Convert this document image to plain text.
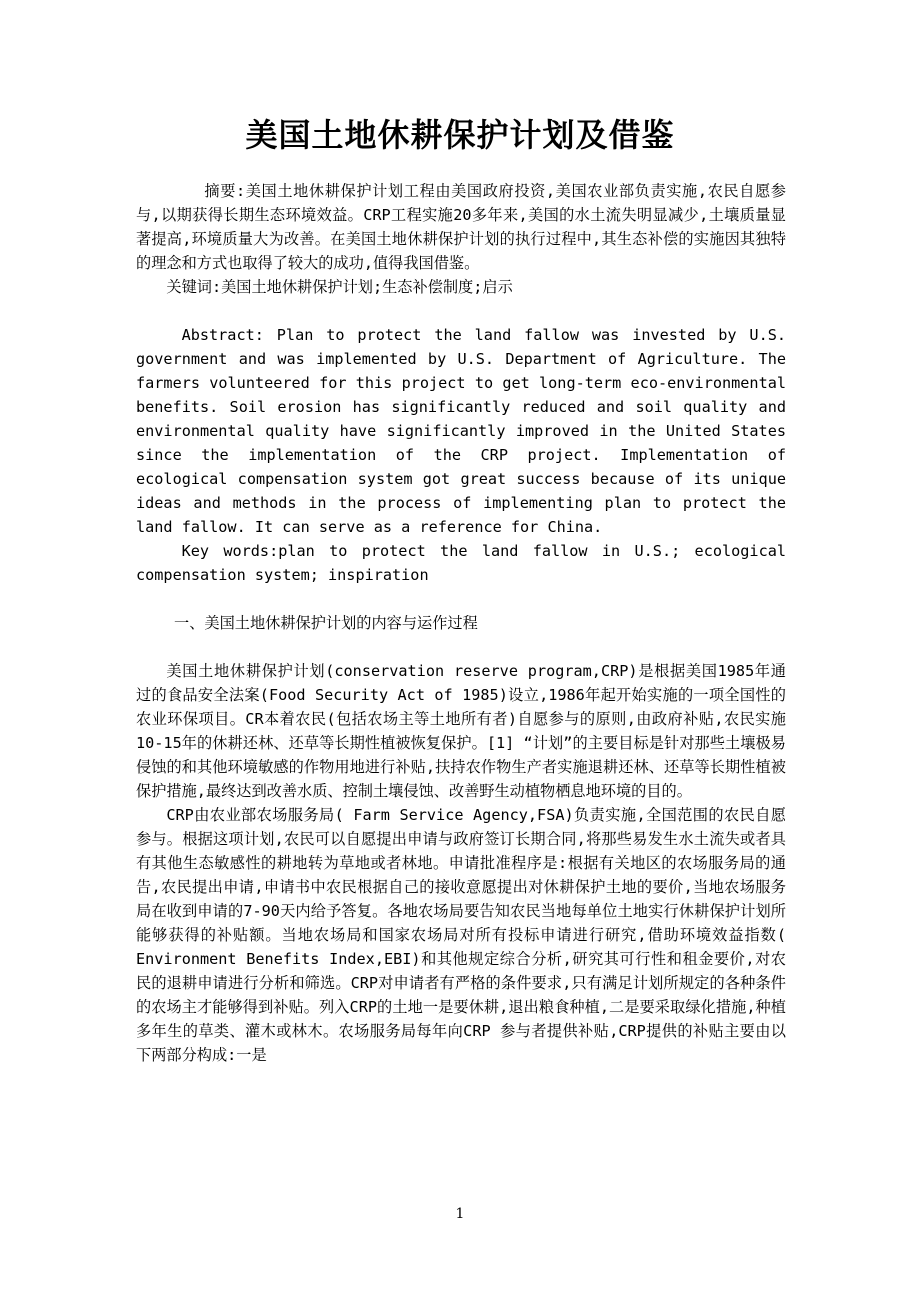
美国土地休耕保护计划及借鉴

摘要:美国土地休耕保护计划工程由美国政府投资,美国农业部负责实施,农民自愿参与,以期获得长期生态环境效益。CRP工程实施20多年来,美国的水土流失明显减少,土壤质量显著提高,环境质量大为改善。在美国土地休耕保护计划的执行过程中,其生态补偿的实施因其独特的理念和方式也取得了较大的成功,值得我国借鉴。

关键词:美国土地休耕保护计划;生态补偿制度;启示

Abstract: Plan to protect the land fallow was invested by U.S. government and was implemented by U.S. Department of Agriculture. The farmers volunteered for this project to get long-term eco-environmental benefits. Soil erosion has significantly reduced and soil quality and environmental quality have significantly improved in the United States since the implementation of the CRP project. Implementation of ecological compensation system got great success because of its unique ideas and methods in the process of implementing plan to protect the land fallow. It can serve as a reference for China.

Key words:plan to protect the land fallow in U.S.; ecological compensation system; inspiration

一、美国土地休耕保护计划的内容与运作过程

美国土地休耕保护计划(conservation reserve program,CRP)是根据美国1985年通过的食品安全法案(Food Security Act of 1985)设立,1986年起开始实施的一项全国性的农业环保项目。CR本着农民(包括农场主等土地所有者)自愿参与的原则,由政府补贴,农民实施10-15年的休耕还林、还草等长期性植被恢复保护。[1] “计划”的主要目标是针对那些土壤极易侵蚀的和其他环境敏感的作物用地进行补贴,扶持农作物生产者实施退耕还林、还草等长期性植被保护措施,最终达到改善水质、控制土壤侵蚀、改善野生动植物栖息地环境的目的。

CRP由农业部农场服务局( Farm Service Agency,FSA)负责实施,全国范围的农民自愿参与。根据这项计划,农民可以自愿提出申请与政府签订长期合同,将那些易发生水土流失或者具有其他生态敏感性的耕地转为草地或者林地。申请批准程序是:根据有关地区的农场服务局的通告,农民提出申请,申请书中农民根据自己的接收意愿提出对休耕保护土地的要价,当地农场服务局在收到申请的7-90天内给予答复。各地农场局要告知农民当地每单位土地实行休耕保护计划所能够获得的补贴额。当地农场局和国家农场局对所有投标申请进行研究,借助环境效益指数( Environment Benefits Index,EBI)和其他规定综合分析,研究其可行性和租金要价,对农民的退耕申请进行分析和筛选。CRP对申请者有严格的条件要求,只有满足计划所规定的各种条件的农场主才能够得到补贴。列入CRP的土地一是要休耕,退出粮食种植,二是要采取绿化措施,种植多年生的草类、灌木或林木。农场服务局每年向CRP 参与者提供补贴,CRP提供的补贴主要由以下两部分构成:一是

1
